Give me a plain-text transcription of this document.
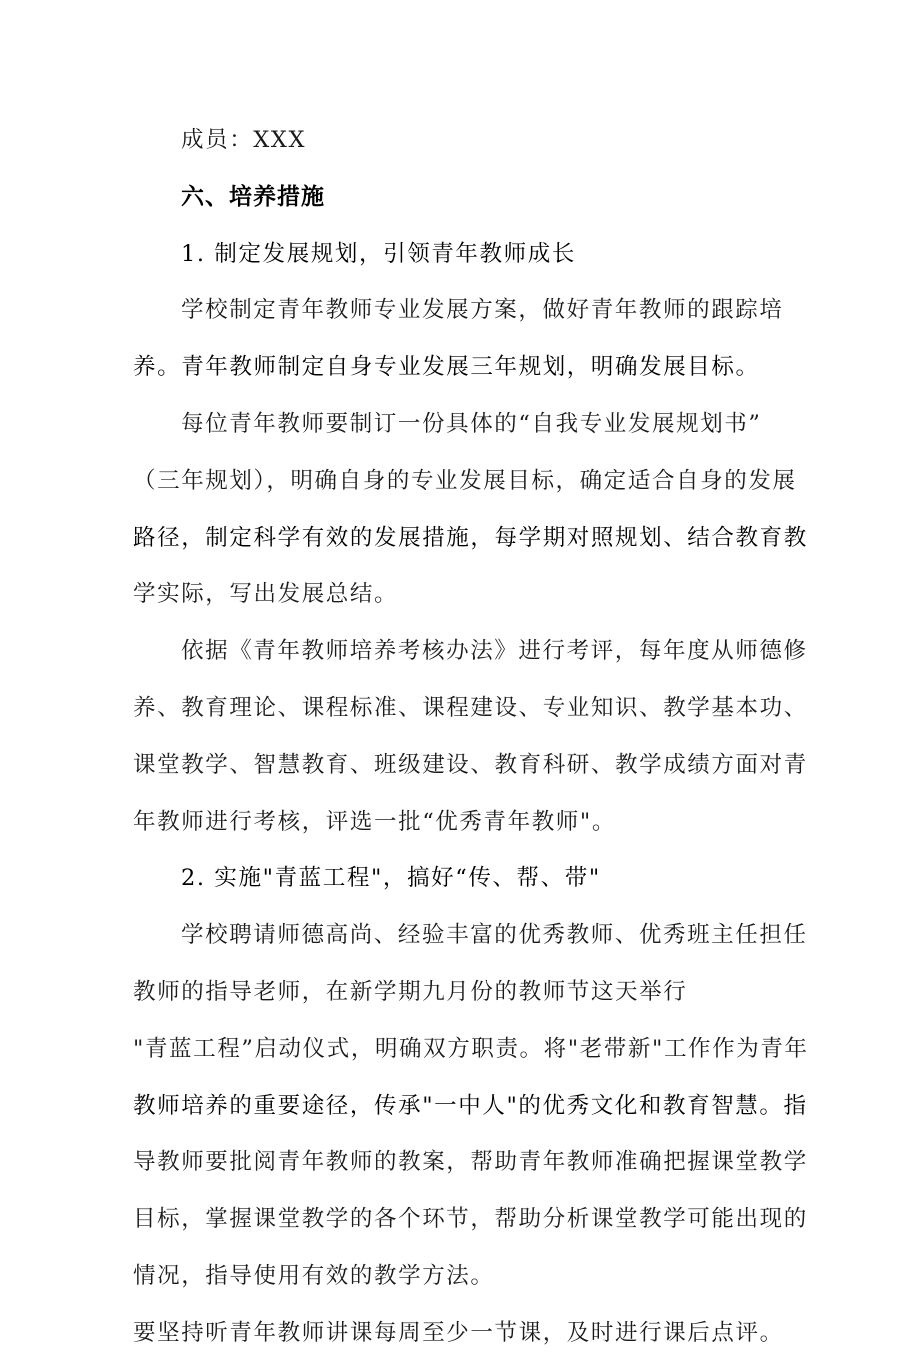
成员：XXX
六、培养措施
1. 制定发展规划，引领青年教师成长
学校制定青年教师专业发展方案，做好青年教师的跟踪培
养。青年教师制定自身专业发展三年规划，明确发展目标。
每位青年教师要制订一份具体的“自我专业发展规划书”
（三年规划），明确自身的专业发展目标，确定适合自身的发展
路径，制定科学有效的发展措施，每学期对照规划、结合教育教
学实际，写出发展总结。
依据《青年教师培养考核办法》进行考评，每年度从师德修
养、教育理论、课程标准、课程建设、专业知识、教学基本功、
课堂教学、智慧教育、班级建设、教育科研、教学成绩方面对青
年教师进行考核，评选一批“优秀青年教师"。
2. 实施"青蓝工程"，搞好“传、帮、带"
学校聘请师德高尚、经验丰富的优秀教师、优秀班主任担任
教师的指导老师，在新学期九月份的教师节这天举行
"青蓝工程”启动仪式，明确双方职责。将"老带新"工作作为青年
教师培养的重要途径，传承"一中人"的优秀文化和教育智慧。指
导教师要批阅青年教师的教案，帮助青年教师准确把握课堂教学
目标，掌握课堂教学的各个环节，帮助分析课堂教学可能出现的
情况，指导使用有效的教学方法。
要坚持听青年教师讲课每周至少一节课，及时进行课后点评。
